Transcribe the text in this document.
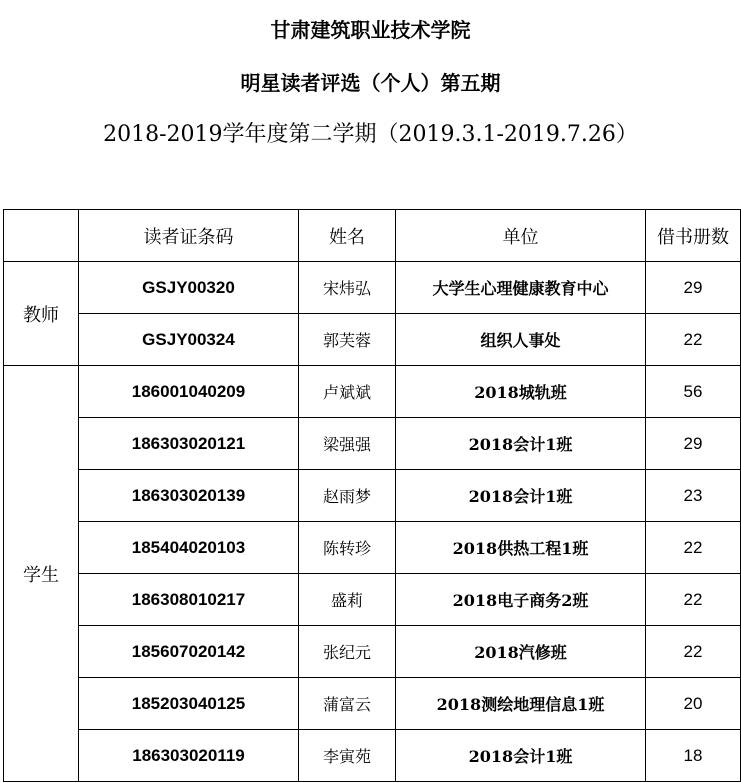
甘肃建筑职业技术学院
明星读者评选（个人）第五期
2018-2019学年度第二学期（2019.3.1-2019.7.26）
	读者证条码	姓名	单位	借书册数
教师	GSJY00320	宋炜弘	大学生心理健康教育中心	29
	GSJY00324	郭芙蓉	组织人事处	22
学生	186001040209	卢斌斌	2018城轨班	56
	186303020121	梁强强	2018会计1班	29
	186303020139	赵雨梦	2018会计1班	23
	185404020103	陈转珍	2018供热工程1班	22
	186308010217	盛莉	2018电子商务2班	22
	185607020142	张纪元	2018汽修班	22
	185203040125	蒲富云	2018测绘地理信息1班	20
	186303020119	李寅苑	2018会计1班	18
